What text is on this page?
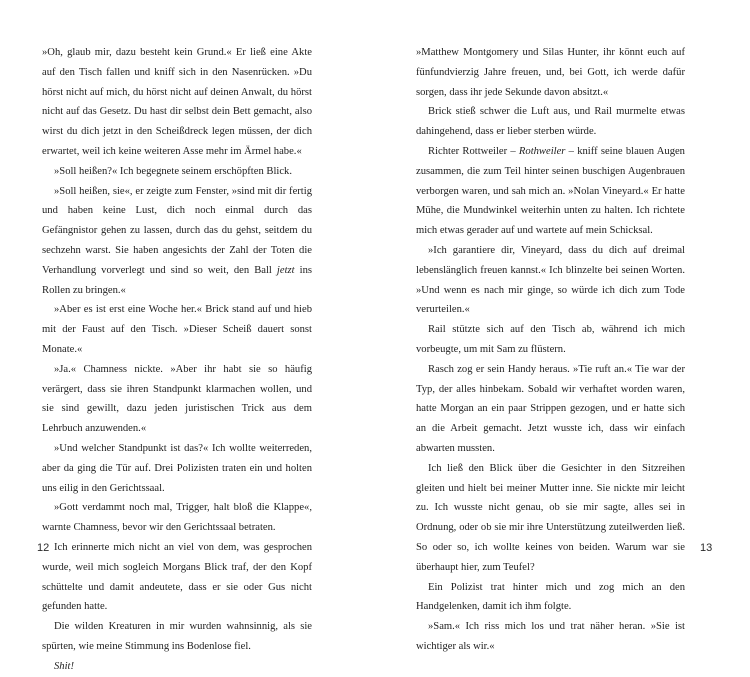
»Oh, glaub mir, dazu besteht kein Grund.« Er ließ eine Akte auf den Tisch fallen und kniff sich in den Nasenrücken. »Du hörst nicht auf mich, du hörst nicht auf deinen Anwalt, du hörst nicht auf das Gesetz. Du hast dir selbst dein Bett gemacht, also wirst du dich jetzt in den Scheißdreck legen müssen, der dich erwartet, weil ich keine weiteren Asse mehr im Ärmel habe.«

»Soll heißen?« Ich begegnete seinem erschöpften Blick.

»Soll heißen, sie«, er zeigte zum Fenster, »sind mit dir fertig und haben keine Lust, dich noch einmal durch das Gefängnistor gehen zu lassen, durch das du gehst, seitdem du sechzehn warst. Sie haben angesichts der Zahl der Toten die Verhandlung vorverlegt und sind so weit, den Ball jetzt ins Rollen zu bringen.«

»Aber es ist erst eine Woche her.« Brick stand auf und hieb mit der Faust auf den Tisch. »Dieser Scheiß dauert sonst Monate.«

»Ja.« Chamness nickte. »Aber ihr habt sie so häufig verärgert, dass sie ihren Standpunkt klarmachen wollen, und sie sind gewillt, dazu jeden juristischen Trick aus dem Lehrbuch anzuwenden.«

»Und welcher Standpunkt ist das?« Ich wollte weiterreden, aber da ging die Tür auf. Drei Polizisten traten ein und holten uns eilig in den Gerichtssaal.

»Gott verdammt noch mal, Trigger, halt bloß die Klappe«, warnte Chamness, bevor wir den Gerichtssaal betraten.

Ich erinnerte mich nicht an viel von dem, was gesprochen wurde, weil mich sogleich Morgans Blick traf, der den Kopf schüttelte und damit andeutete, dass er sie oder Gus nicht gefunden hatte.

Die wilden Kreaturen in mir wurden wahnsinnig, als sie spürten, wie meine Stimmung ins Bodenlose fiel.

Shit!

12

»Matthew Montgomery und Silas Hunter, ihr könnt euch auf fünfundvierzig Jahre freuen, und, bei Gott, ich werde dafür sorgen, dass ihr jede Sekunde davon absitzt.«

Brick stieß schwer die Luft aus, und Rail murmelte etwas dahingehend, dass er lieber sterben würde.

Richter Rottweiler – Rothweiler – kniff seine blauen Augen zusammen, die zum Teil hinter seinen buschigen Augenbrauen verborgen waren, und sah mich an. »Nolan Vineyard.« Er hatte Mühe, die Mundwinkel weiterhin unten zu halten. Ich richtete mich etwas gerader auf und wartete auf mein Schicksal.

»Ich garantiere dir, Vineyard, dass du dich auf dreimal lebenslänglich freuen kannst.« Ich blinzelte bei seinen Worten. »Und wenn es nach mir ginge, so würde ich dich zum Tode verurteilen.«

Rail stützte sich auf den Tisch ab, während ich mich vorbeugte, um mit Sam zu flüstern.

Rasch zog er sein Handy heraus. »Tie ruft an.« Tie war der Typ, der alles hinbekam. Sobald wir verhaftet worden waren, hatte Morgan an ein paar Strippen gezogen, und er hatte sich an die Arbeit gemacht. Jetzt wusste ich, dass wir einfach abwarten mussten.

Ich ließ den Blick über die Gesichter in den Sitzreihen gleiten und hielt bei meiner Mutter inne. Sie nickte mir leicht zu. Ich wusste nicht genau, ob sie mir sagte, alles sei in Ordnung, oder ob sie mir ihre Unterstützung zuteilwerden ließ. So oder so, ich wollte keines von beiden. Warum war sie überhaupt hier, zum Teufel?

Ein Polizist trat hinter mich und zog mich an den Handgelenken, damit ich ihm folgte.

»Sam.« Ich riss mich los und trat näher heran. »Sie ist wichtiger als wir.«

13
